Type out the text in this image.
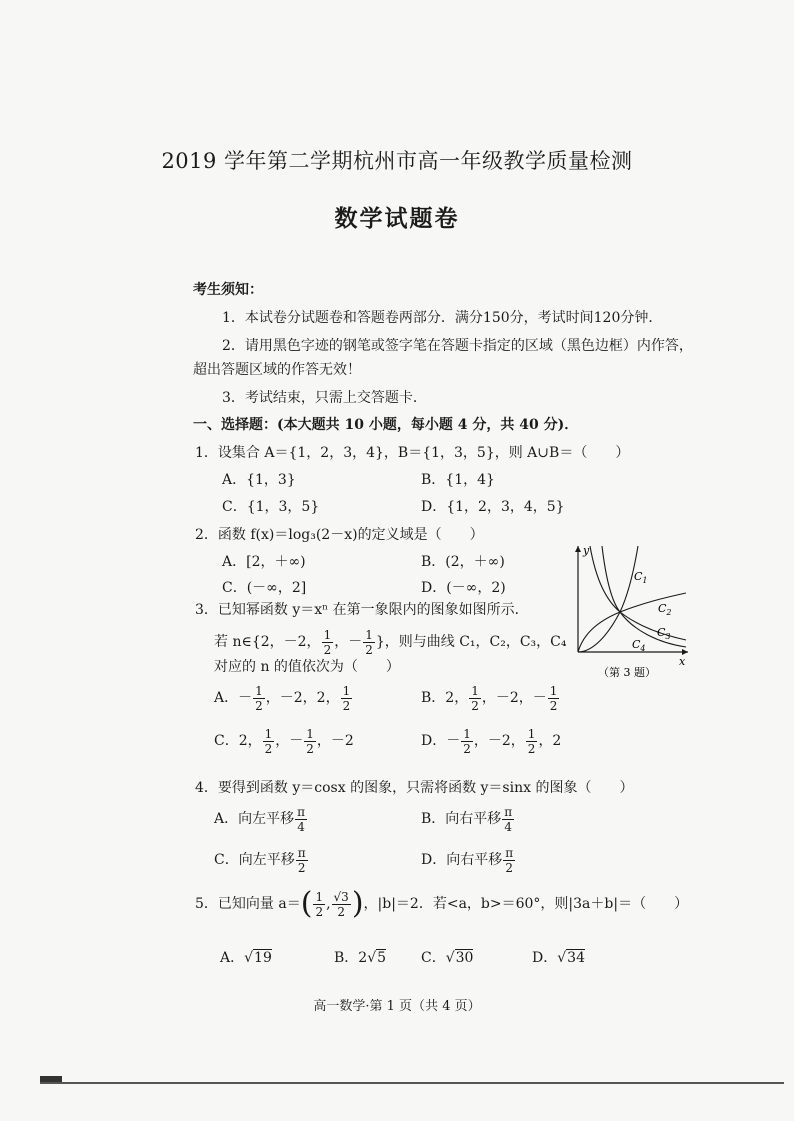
2019 学年第二学期杭州市高一年级教学质量检测
数学试题卷
考生须知：
1．本试卷分试题卷和答题卷两部分．满分150分，考试时间120分钟．
2．请用黑色字迹的钢笔或签字笔在答题卡指定的区域（黑色边框）内作答，
超出答题区域的作答无效！
3．考试结束，只需上交答题卡．
一、选择题：(本大题共 10 小题，每小题 4 分，共 40 分)．
1．设集合 A＝{1，2，3，4}，B＝{1，3，5}，则 A∪B＝（　　）
A．{1，3}	B．{1，4}
C．{1，3，5}	D．{1，2，3，4，5}
2．函数 f(x)＝log₃(2－x)的定义域是（　　）
A．[2，＋∞)	B．(2，＋∞)
C．(－∞，2]	D．(－∞，2)
3．已知幂函数 y＝xⁿ 在第一象限内的图象如图所示．
若 n∈{2，－2， $\frac{1}{2}$ ，－ $\frac{1}{2}$ }，则与曲线 C₁，C₂，C₃，C₄
对应的 n 的值依次为（　　）
A．－ $\frac{1}{2}$ ，－2，2， $\frac{1}{2}$	B．2， $\frac{1}{2}$ ，－2，－ $\frac{1}{2}$
C．2， $\frac{1}{2}$ ，－ $\frac{1}{2}$ ，－2	D．－ $\frac{1}{2}$ ，－2， $\frac{1}{2}$ ，2
y
x
$C_1$
$C_2$
$C_3$
$C_4$
（第 3 题）
4．要得到函数 y＝cosx 的图象，只需将函数 y＝sinx 的图象（　　）
A．向左平移 $\frac{\pi}{4}$	B．向右平移 $\frac{\pi}{4}$
C．向左平移 $\frac{\pi}{2}$	D．向右平移 $\frac{\pi}{2}$
5．已知向量 $a=( \frac{1}{2}$ , $\frac{√3}{2}$ )，|b|＝2．若<a，b>＝60°，则|3a＋b|＝（　　）
A．√19	B．2√5 C．√30	D．√34
高一数学·第 1 页（共 4 页）
